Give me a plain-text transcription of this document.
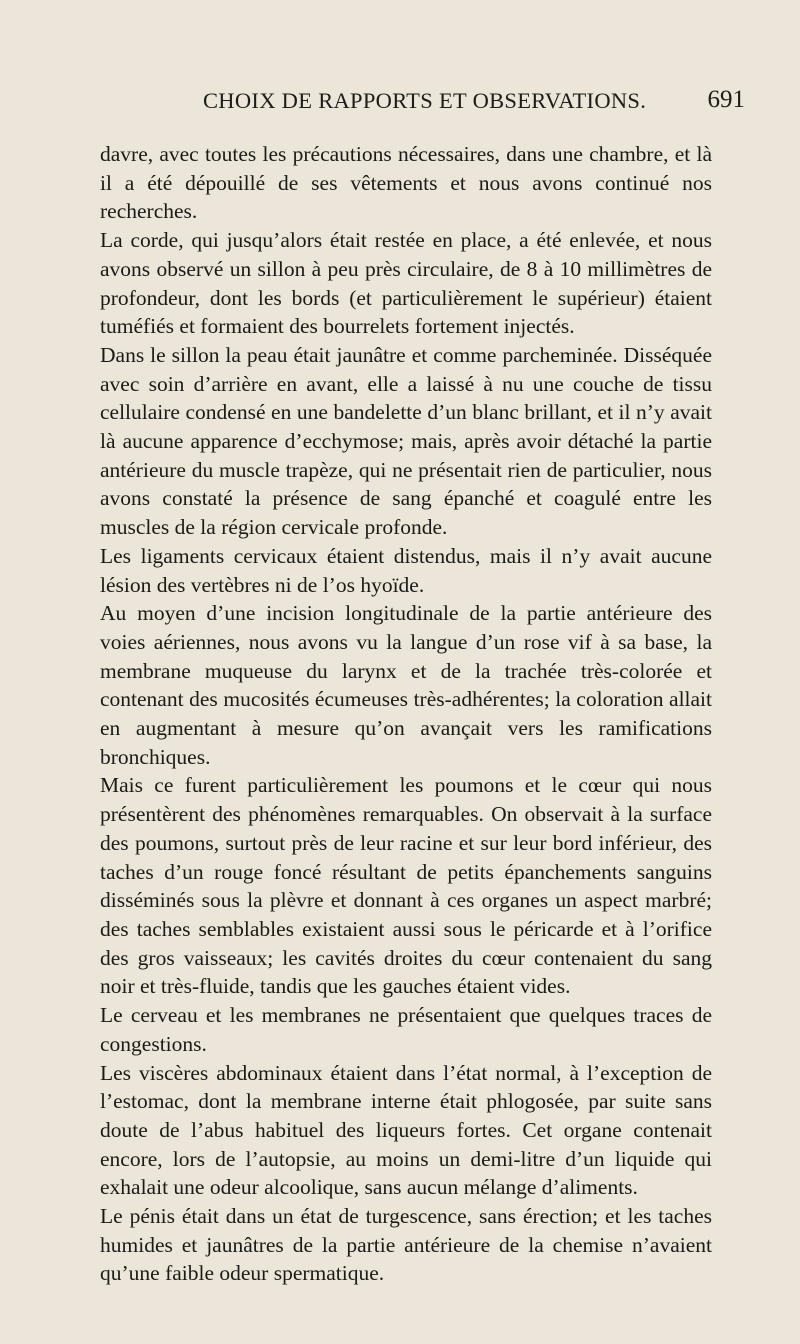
CHOIX DE RAPPORTS ET OBSERVATIONS. 691

davre, avec toutes les précautions nécessaires, dans une chambre, et là il a été dépouillé de ses vêtements et nous avons continué nos recherches.

La corde, qui jusqu’alors était restée en place, a été enlevée, et nous avons observé un sillon à peu près circulaire, de 8 à 10 millimètres de profondeur, dont les bords (et particulièrement le supérieur) étaient tuméfiés et formaient des bourrelets fortement injectés.

Dans le sillon la peau était jaunâtre et comme parcheminée. Disséquée avec soin d’arrière en avant, elle a laissé à nu une couche de tissu cellulaire condensé en une bandelette d’un blanc brillant, et il n’y avait là aucune apparence d’ecchymose; mais, après avoir détaché la partie antérieure du muscle trapèze, qui ne présentait rien de particulier, nous avons constaté la présence de sang épanché et coagulé entre les muscles de la région cervicale profonde.

Les ligaments cervicaux étaient distendus, mais il n’y avait aucune lésion des vertèbres ni de l’os hyoïde.

Au moyen d’une incision longitudinale de la partie antérieure des voies aériennes, nous avons vu la langue d’un rose vif à sa base, la membrane muqueuse du larynx et de la trachée très-colorée et contenant des mucosités écumeuses très-adhérentes; la coloration allait en augmentant à mesure qu’on avançait vers les ramifications bronchiques.

Mais ce furent particulièrement les poumons et le cœur qui nous présentèrent des phénomènes remarquables. On observait à la surface des poumons, surtout près de leur racine et sur leur bord inférieur, des taches d’un rouge foncé résultant de petits épanchements sanguins disséminés sous la plèvre et donnant à ces organes un aspect marbré; des taches semblables existaient aussi sous le péricarde et à l’orifice des gros vaisseaux; les cavités droites du cœur contenaient du sang noir et très-fluide, tandis que les gauches étaient vides.

Le cerveau et les membranes ne présentaient que quelques traces de congestions.

Les viscères abdominaux étaient dans l’état normal, à l’exception de l’estomac, dont la membrane interne était phlogosée, par suite sans doute de l’abus habituel des liqueurs fortes. Cet organe contenait encore, lors de l’autopsie, au moins un demi-litre d’un liquide qui exhalait une odeur alcoolique, sans aucun mélange d’aliments.

Le pénis était dans un état de turgescence, sans érection; et les taches humides et jaunâtres de la partie antérieure de la chemise n’avaient qu’une faible odeur spermatique.
